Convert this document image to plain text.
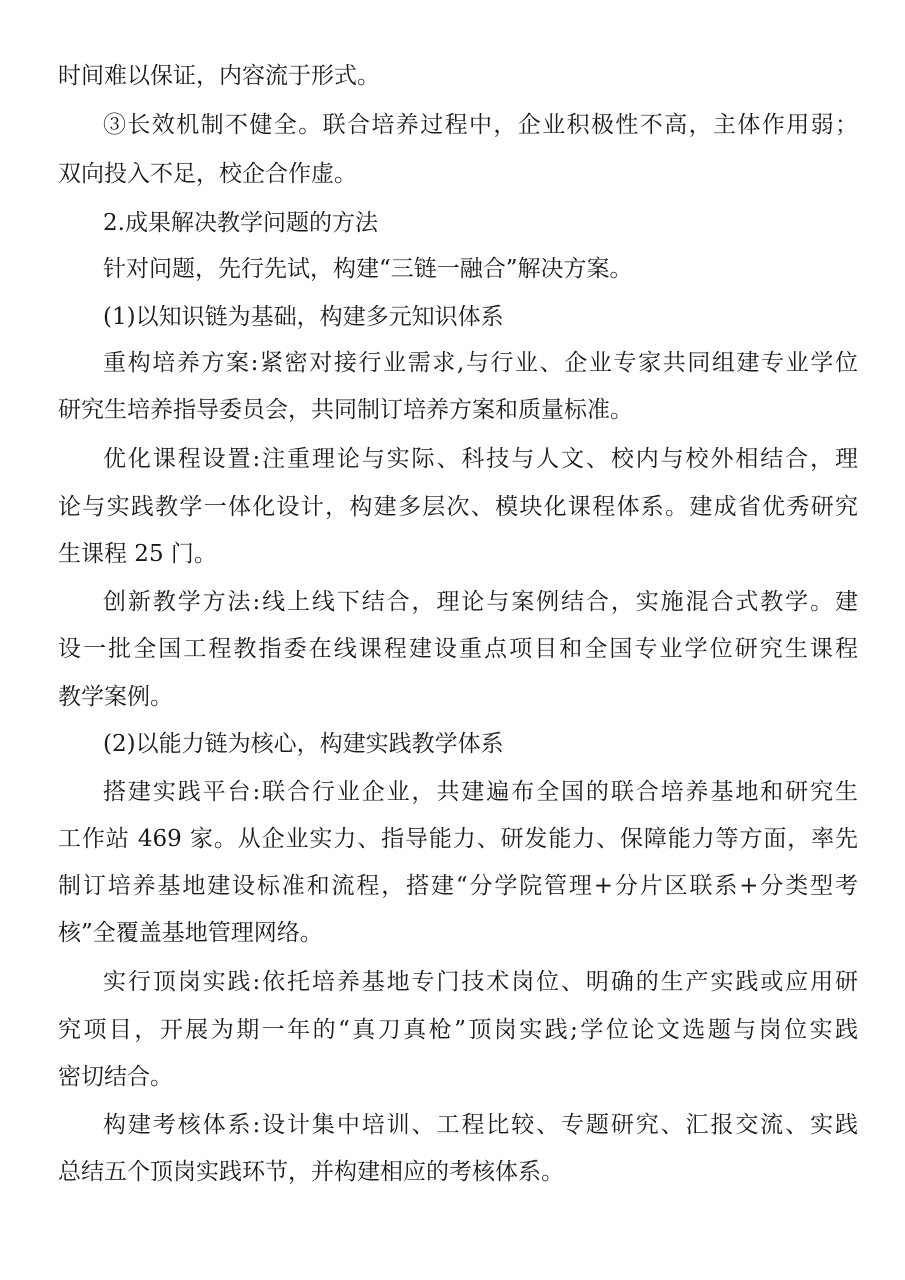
时间难以保证，内容流于形式。
③长效机制不健全。联合培养过程中，企业积极性不高，主体作用弱；
双向投入不足，校企合作虚。
2.成果解决教学问题的方法
针对问题，先行先试，构建“三链一融合”解决方案。
(1)以知识链为基础，构建多元知识体系
重构培养方案:紧密对接行业需求,与行业、企业专家共同组建专业学位
研究生培养指导委员会，共同制订培养方案和质量标准。
优化课程设置:注重理论与实际、科技与人文、校内与校外相结合，理
论与实践教学一体化设计，构建多层次、模块化课程体系。建成省优秀研究
生课程 25 门。
创新教学方法:线上线下结合，理论与案例结合，实施混合式教学。建
设一批全国工程教指委在线课程建设重点项目和全国专业学位研究生课程
教学案例。
(2)以能力链为核心，构建实践教学体系
搭建实践平台:联合行业企业，共建遍布全国的联合培养基地和研究生
工作站 469 家。从企业实力、指导能力、研发能力、保障能力等方面，率先
制订培养基地建设标准和流程，搭建“分学院管理+分片区联系+分类型考
核”全覆盖基地管理网络。
实行顶岗实践:依托培养基地专门技术岗位、明确的生产实践或应用研
究项目，开展为期一年的“真刀真枪”顶岗实践;学位论文选题与岗位实践
密切结合。
构建考核体系:设计集中培训、工程比较、专题研究、汇报交流、实践
总结五个顶岗实践环节，并构建相应的考核体系。
